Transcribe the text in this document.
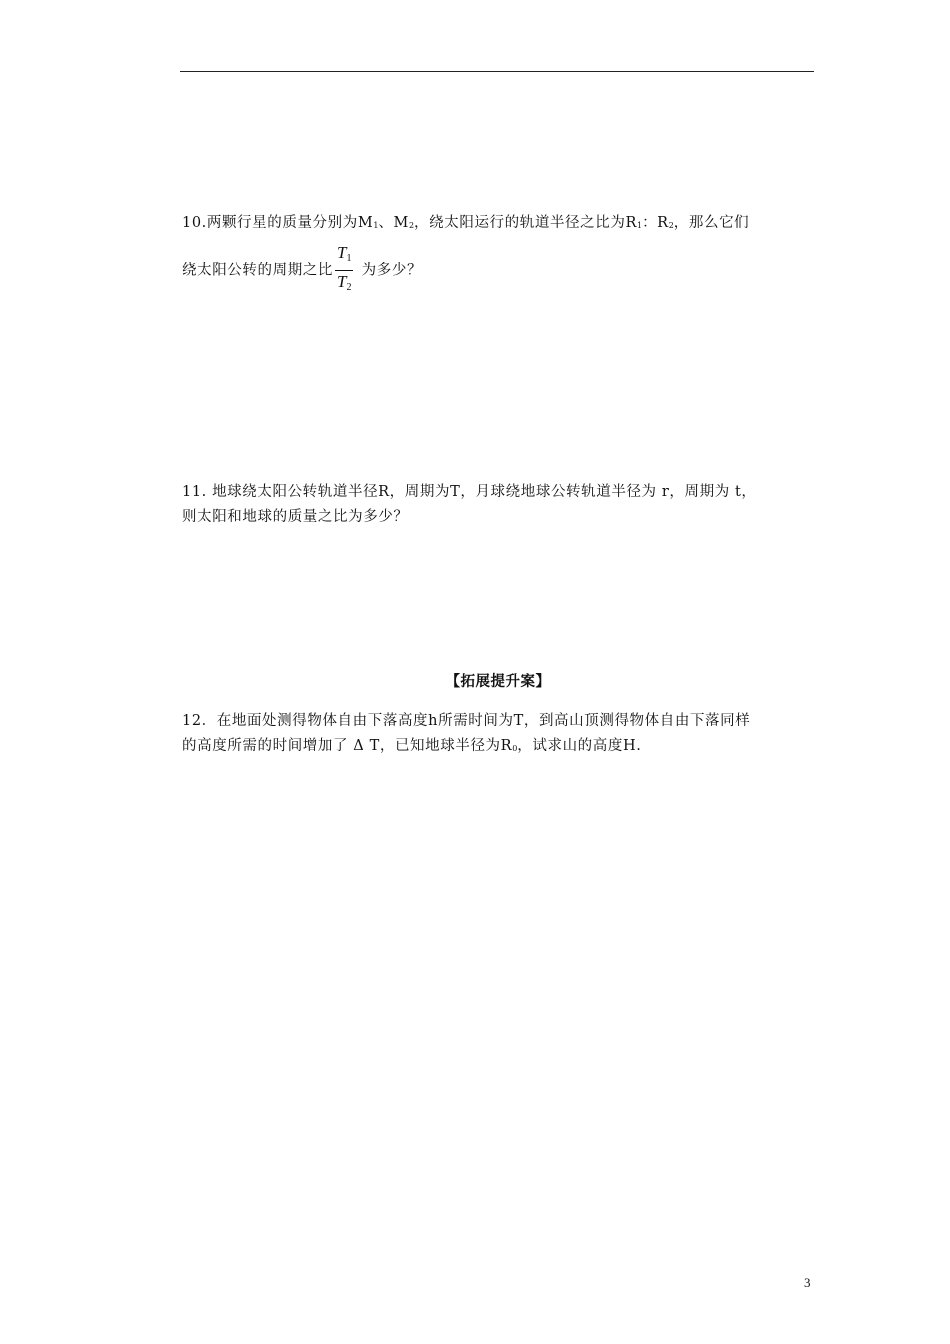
10.两颗行星的质量分别为M1、M2，绕太阳运行的轨道半径之比为R1：R2，那么它们
绕太阳公转的周期之比 $\frac{T1}{T2}$ 为多少？
11. 地球绕太阳公转轨道半径R，周期为T，月球绕地球公转轨道半径为 r，周期为 t，
则太阳和地球的质量之比为多少？
【拓展提升案】
12．在地面处测得物体自由下落高度h所需时间为T，到高山顶测得物体自由下落同样
的高度所需的时间增加了 Δ T，已知地球半径为R0，试求山的高度H.
3
